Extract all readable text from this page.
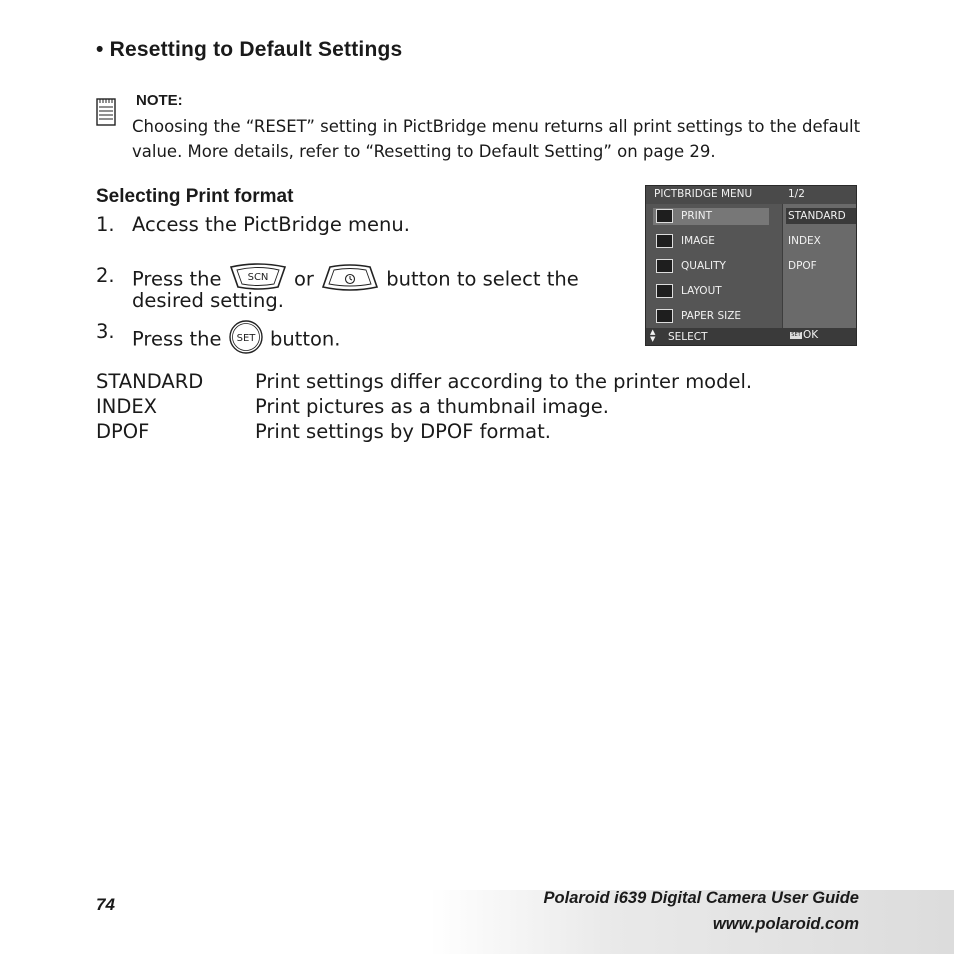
• Resetting to Default Settings
NOTE:
Choosing the “RESET” setting in PictBridge menu returns all print settings to the default value. More details, refer to “Resetting to Default Setting” on page 29.
Selecting Print format
1. Access the PictBridge menu.
2. Press the	SCN or	button to select the
desired setting.
3. Press the SET button.
PICTBRIDGE MENU	1/2
PRINT
IMAGE
QUALITY
LAYOUT
PAPER SIZE
STANDARD
INDEX
DPOF
▲
▼ SELECT	SET OK
STANDARD	Print settings differ according to the printer model.
INDEX	Print pictures as a thumbnail image.
DPOF	Print settings by DPOF format.
74	Polaroid i639 Digital Camera User Guide
www.polaroid.com
